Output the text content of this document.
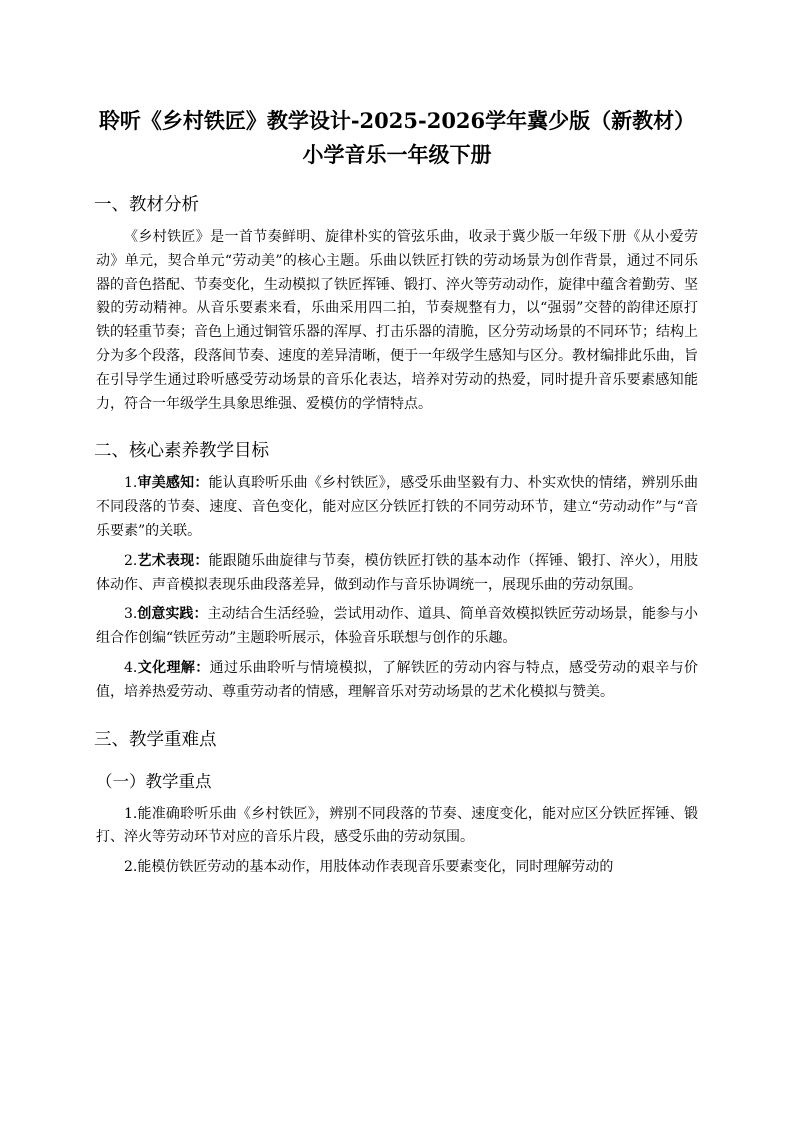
聆听《乡村铁匠》教学设计-2025-2026学年冀少版（新教材）小学音乐一年级下册
一、教材分析

《乡村铁匠》是一首节奏鲜明、旋律朴实的管弦乐曲，收录于冀少版一年级下册《从小爱劳动》单元，契合单元“劳动美”的核心主题。乐曲以铁匠打铁的劳动场景为创作背景，通过不同乐器的音色搭配、节奏变化，生动模拟了铁匠挥锤、锻打、淬火等劳动动作，旋律中蕴含着勤劳、坚毅的劳动精神。从音乐要素来看，乐曲采用四二拍，节奏规整有力，以“强弱”交替的韵律还原打铁的轻重节奏；音色上通过铜管乐器的浑厚、打击乐器的清脆，区分劳动场景的不同环节；结构上分为多个段落，段落间节奏、速度的差异清晰，便于一年级学生感知与区分。教材编排此乐曲，旨在引导学生通过聆听感受劳动场景的音乐化表达，培养对劳动的热爱，同时提升音乐要素感知能力，符合一年级学生具象思维强、爱模仿的学情特点。

二、核心素养教学目标

1.审美感知：能认真聆听乐曲《乡村铁匠》，感受乐曲坚毅有力、朴实欢快的情绪，辨别乐曲不同段落的节奏、速度、音色变化，能对应区分铁匠打铁的不同劳动环节，建立“劳动动作”与“音乐要素”的关联。

2.艺术表现：能跟随乐曲旋律与节奏，模仿铁匠打铁的基本动作（挥锤、锻打、淬火），用肢体动作、声音模拟表现乐曲段落差异，做到动作与音乐协调统一，展现乐曲的劳动氛围。

3.创意实践：主动结合生活经验，尝试用动作、道具、简单音效模拟铁匠劳动场景，能参与小组合作创编“铁匠劳动”主题聆听展示，体验音乐联想与创作的乐趣。

4.文化理解：通过乐曲聆听与情境模拟，了解铁匠的劳动内容与特点，感受劳动的艰辛与价值，培养热爱劳动、尊重劳动者的情感，理解音乐对劳动场景的艺术化模拟与赞美。

三、教学重难点
（一）教学重点

1.能准确聆听乐曲《乡村铁匠》，辨别不同段落的节奏、速度变化，能对应区分铁匠挥锤、锻打、淬火等劳动环节对应的音乐片段，感受乐曲的劳动氛围。

2.能模仿铁匠劳动的基本动作，用肢体动作表现音乐要素变化，同时理解劳动的
